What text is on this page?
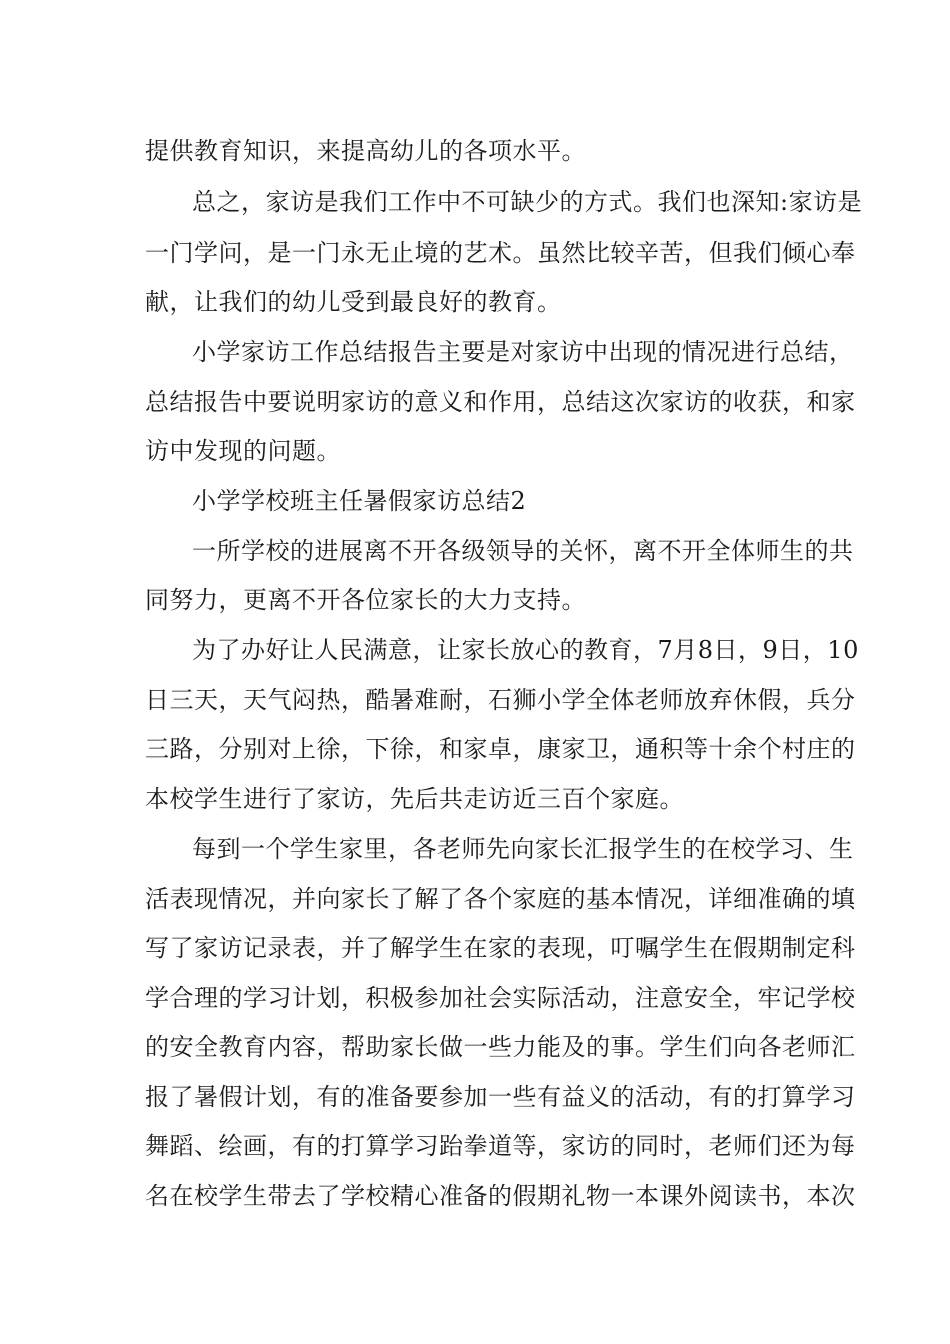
提供教育知识，来提高幼儿的各项水平。
总之，家访是我们工作中不可缺少的方式。我们也深知:家访是
一门学问，是一门永无止境的艺术。虽然比较辛苦，但我们倾心奉
献，让我们的幼儿受到最良好的教育。
小学家访工作总结报告主要是对家访中出现的情况进行总结，
总结报告中要说明家访的意义和作用，总结这次家访的收获，和家
访中发现的问题。
小学学校班主任暑假家访总结2
一所学校的进展离不开各级领导的关怀，离不开全体师生的共
同努力，更离不开各位家长的大力支持。
为了办好让人民满意，让家长放心的教育，7月8日，9日，10
日三天，天气闷热，酷暑难耐，石狮小学全体老师放弃休假，兵分
三路，分别对上徐，下徐，和家卓，康家卫，通积等十余个村庄的
本校学生进行了家访，先后共走访近三百个家庭。
每到一个学生家里，各老师先向家长汇报学生的在校学习、生
活表现情况，并向家长了解了各个家庭的基本情况，详细准确的填
写了家访记录表，并了解学生在家的表现，叮嘱学生在假期制定科
学合理的学习计划，积极参加社会实际活动，注意安全，牢记学校
的安全教育内容，帮助家长做一些力能及的事。学生们向各老师汇
报了暑假计划，有的准备要参加一些有益义的活动，有的打算学习
舞蹈、绘画，有的打算学习跆拳道等，家访的同时，老师们还为每
名在校学生带去了学校精心准备的假期礼物一本课外阅读书，本次
